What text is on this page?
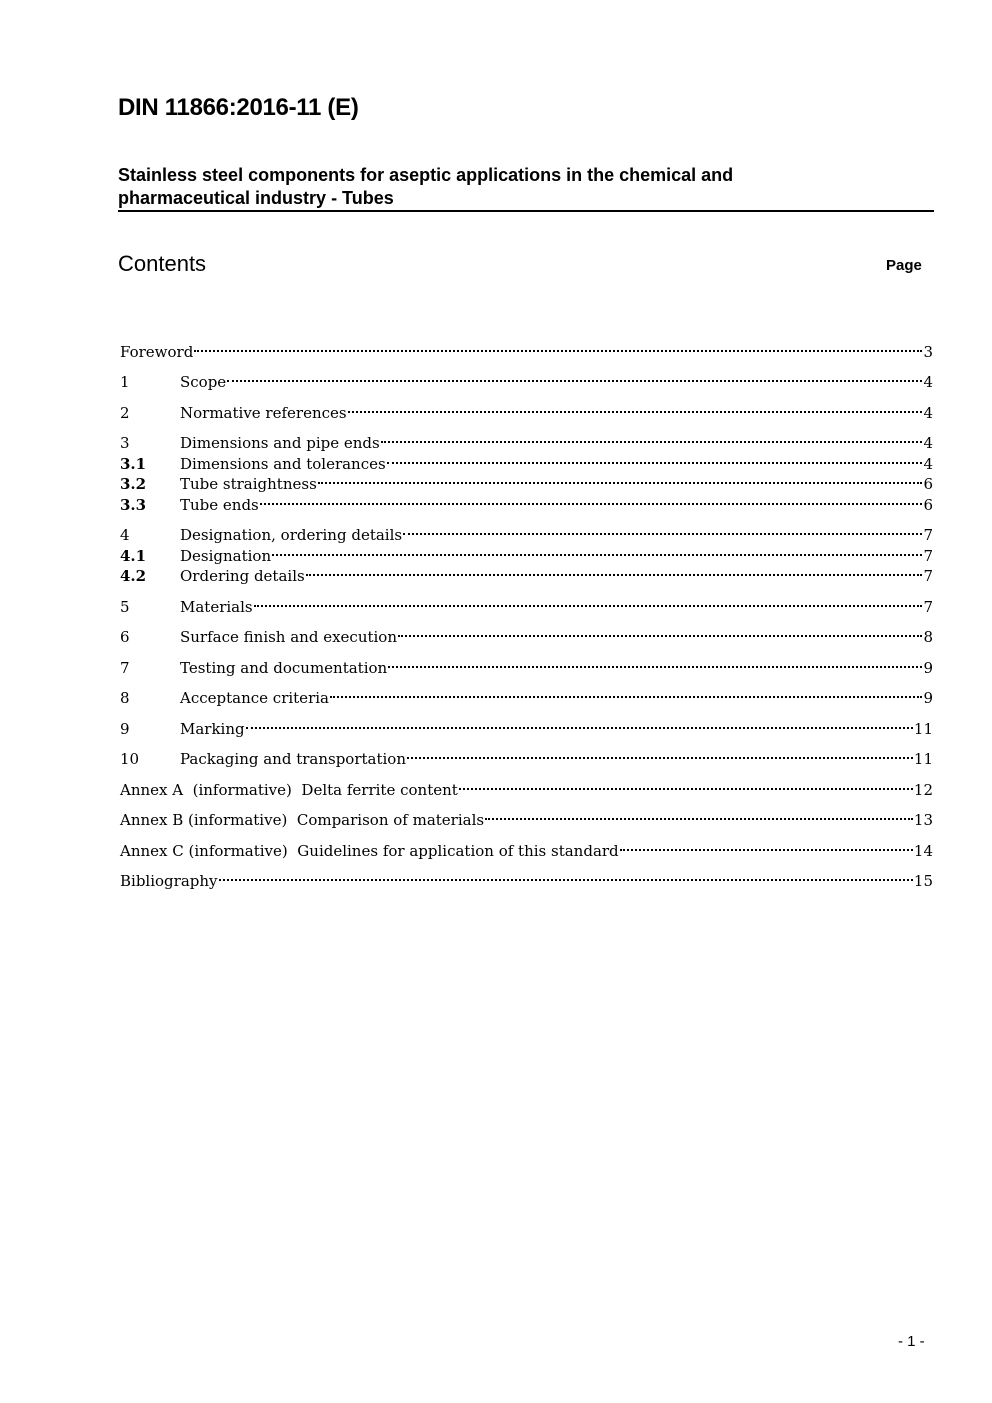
DIN 11866:2016-11 (E)
Stainless steel components for aseptic applications in the chemical and
pharmaceutical industry - Tubes
Contents	Page
Foreword	3
1	Scope	4
2	Normative references	4
3	Dimensions and pipe ends	4
3.1	Dimensions and tolerances	4
3.2	Tube straightness	6
3.3	Tube ends	6
4	Designation, ordering details	7
4.1	Designation	7
4.2	Ordering details	7
5	Materials	7
6	Surface finish and execution	8
7	Testing and documentation	9
8	Acceptance criteria	9
9	Marking	11
10	Packaging and transportation	11
Annex A  (informative)  Delta ferrite content	12
Annex B (informative)  Comparison of materials	13
Annex C (informative)  Guidelines for application of this standard	14
Bibliography	15
- 1 -
